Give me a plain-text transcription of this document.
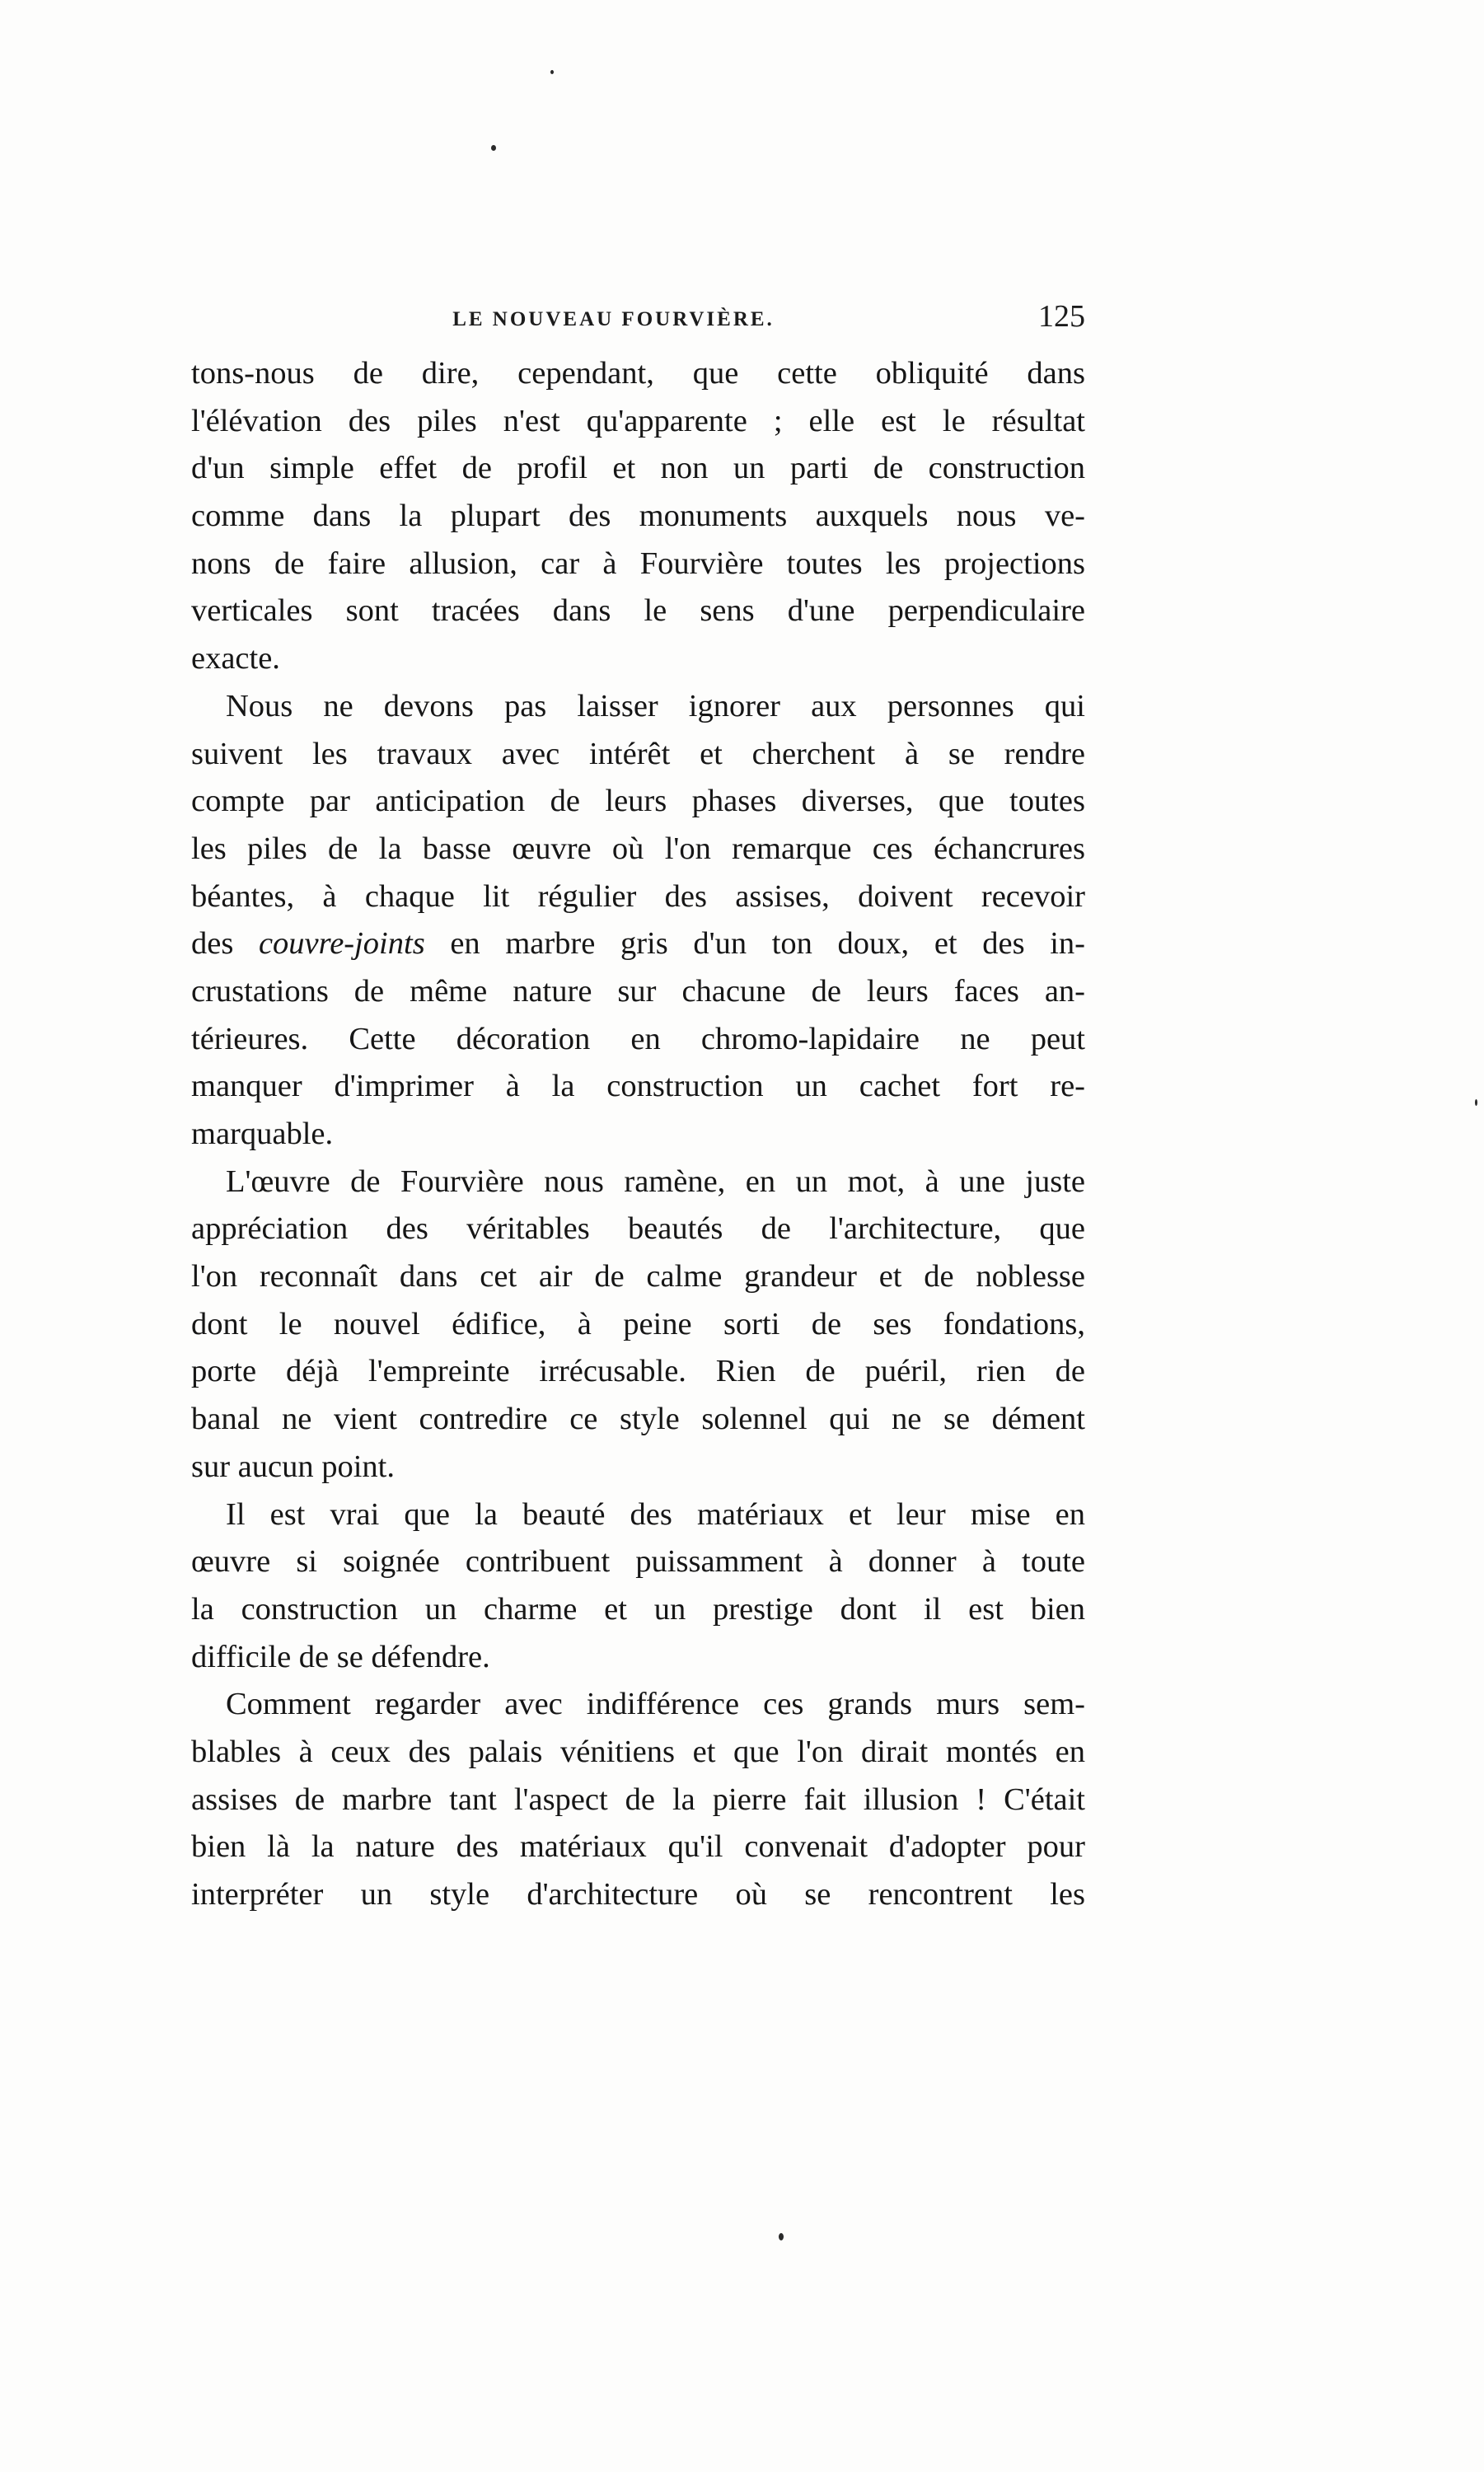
LE NOUVEAU FOURVIÈRE.	125
tons-nous de dire, cependant, que cette obliquité dans
l'élévation des piles n'est qu'apparente ; elle est le résultat
d'un simple effet de profil et non un parti de construction
comme dans la plupart des monuments auxquels nous ve-
nons de faire allusion, car à Fourvière toutes les projections
verticales sont tracées dans le sens d'une perpendiculaire
exacte.
Nous ne devons pas laisser ignorer aux personnes qui
suivent les travaux avec intérêt et cherchent à se rendre
compte par anticipation de leurs phases diverses, que toutes
les piles de la basse œuvre où l'on remarque ces échancrures
béantes, à chaque lit régulier des assises, doivent recevoir
des couvre-joints en marbre gris d'un ton doux, et des in-
crustations de même nature sur chacune de leurs faces an-
térieures. Cette décoration en chromo-lapidaire ne peut
manquer d'imprimer à la construction un cachet fort re-
marquable.
L'œuvre de Fourvière nous ramène, en un mot, à une juste
appréciation des véritables beautés de l'architecture, que
l'on reconnaît dans cet air de calme grandeur et de noblesse
dont le nouvel édifice, à peine sorti de ses fondations,
porte déjà l'empreinte irrécusable. Rien de puéril, rien de
banal ne vient contredire ce style solennel qui ne se dément
sur aucun point.
Il est vrai que la beauté des matériaux et leur mise en
œuvre si soignée contribuent puissamment à donner à toute
la construction un charme et un prestige dont il est bien
difficile de se défendre.
Comment regarder avec indifférence ces grands murs sem-
blables à ceux des palais vénitiens et que l'on dirait montés en
assises de marbre tant l'aspect de la pierre fait illusion ! C'était
bien là la nature des matériaux qu'il convenait d'adopter pour
interpréter un style d'architecture où se rencontrent les
